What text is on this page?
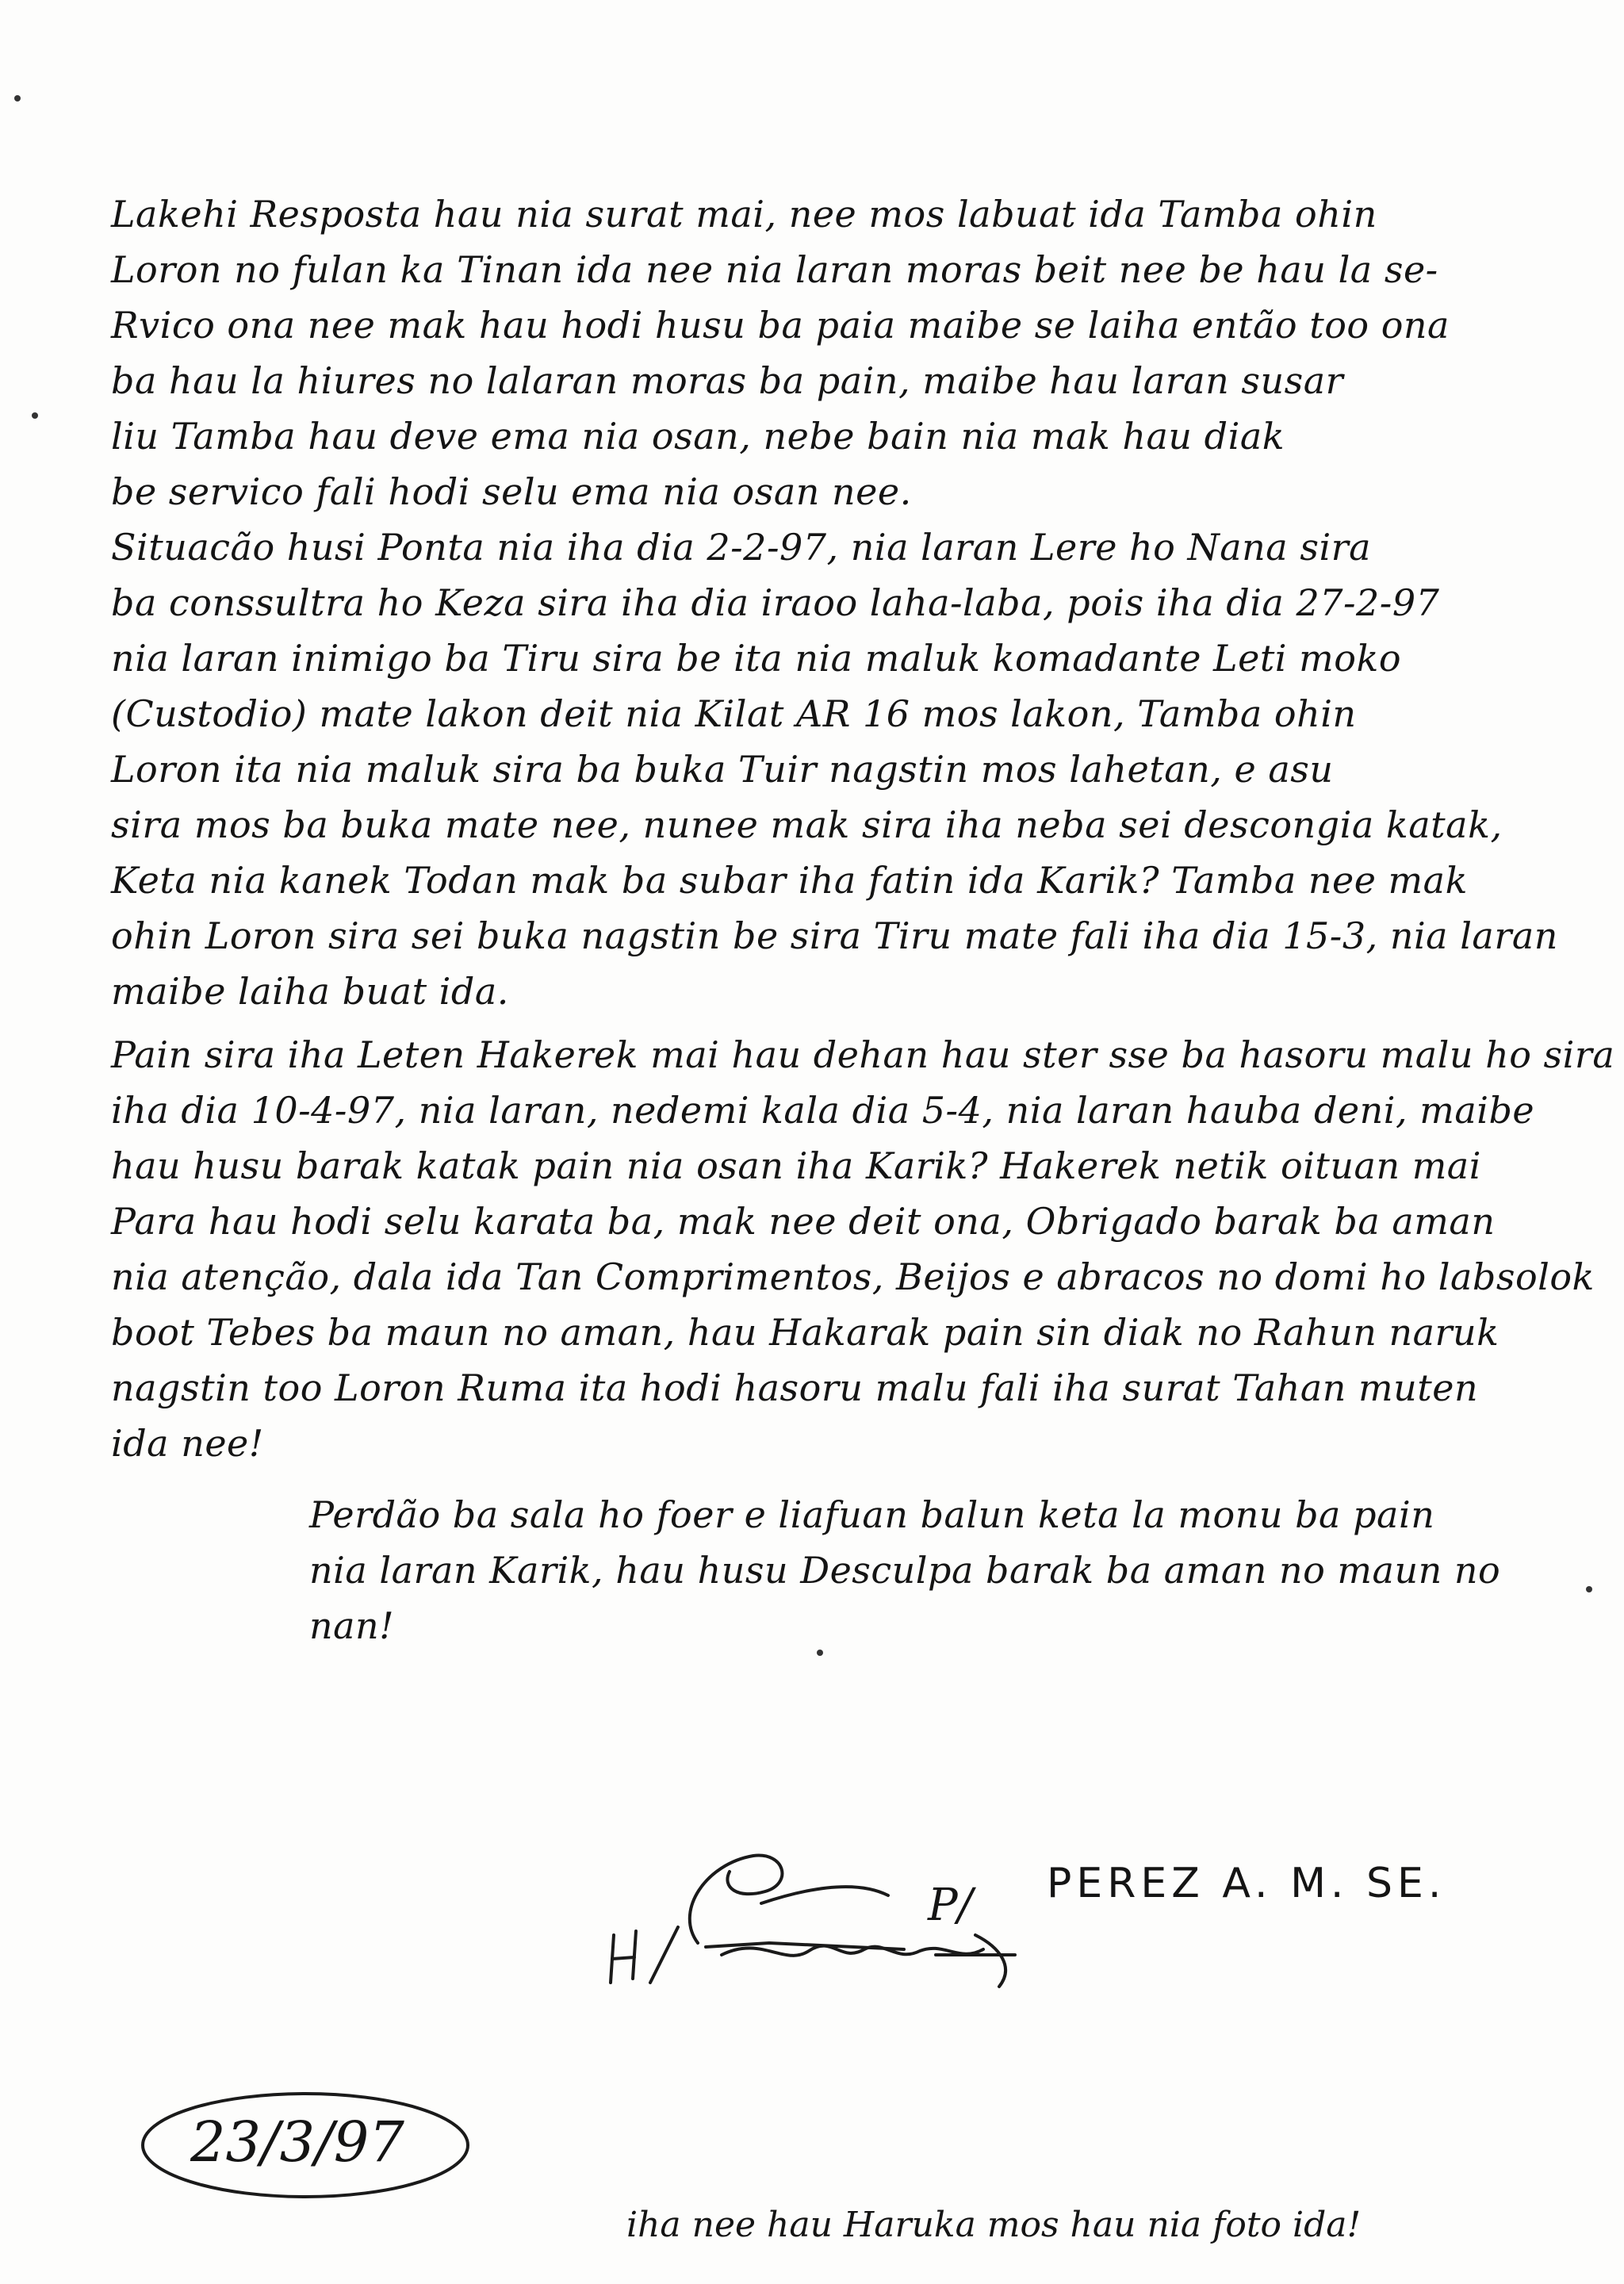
Lakehi Resposta hau nia surat mai, nee mos labuat ida Tamba ohin
Loron no fulan ka Tinan ida nee nia laran moras beit nee be hau la se-
Rvico ona nee mak hau hodi husu ba paia maibe se laiha então too ona
ba hau la hiures no lalaran moras ba pain, maibe hau laran susar
liu Tamba hau deve ema nia osan, nebe bain nia mak hau diak
be servico fali hodi selu ema nia osan nee.
Situacão husi Ponta nia iha dia 2-2-97, nia laran Lere ho Nana sira
ba conssultra ho Keza sira iha dia iraoo laha-laba, pois iha dia 27-2-97
nia laran inimigo ba Tiru sira be ita nia maluk komadante Leti moko
(Custodio) mate lakon deit nia Kilat AR 16 mos lakon, Tamba ohin
Loron ita nia maluk sira ba buka Tuir nagstin mos lahetan, e asu
sira mos ba buka mate nee, nunee mak sira iha neba sei descongia katak,
Keta nia kanek Todan mak ba subar iha fatin ida Karik? Tamba nee mak
ohin Loron sira sei buka nagstin be sira Tiru mate fali iha dia 15-3, nia laran
maibe laiha buat ida.
Pain sira iha Leten Hakerek mai hau dehan hau ster sse ba hasoru malu ho sira
iha dia 10-4-97, nia laran, nedemi kala dia 5-4, nia laran hauba deni, maibe
hau husu barak katak pain nia osan iha Karik? Hakerek netik oituan mai
Para hau hodi selu karata ba, mak nee deit ona, Obrigado barak ba aman
nia atenção, dala ida Tan Comprimentos, Beijos e abracos no domi ho labsolok
boot Tebes ba maun no aman, hau Hakarak pain sin diak no Rahun naruk
nagstin too Loron Ruma ita hodi hasoru malu fali iha surat Tahan muten
ida nee!
Perdão ba sala ho foer e liafuan balun keta la monu ba pain
nia laran Karik, hau husu Desculpa barak ba aman no maun no
nan!
P/ PEREZ A. M. SE.
23/3/97
iha nee hau Haruka mos hau nia foto ida!
